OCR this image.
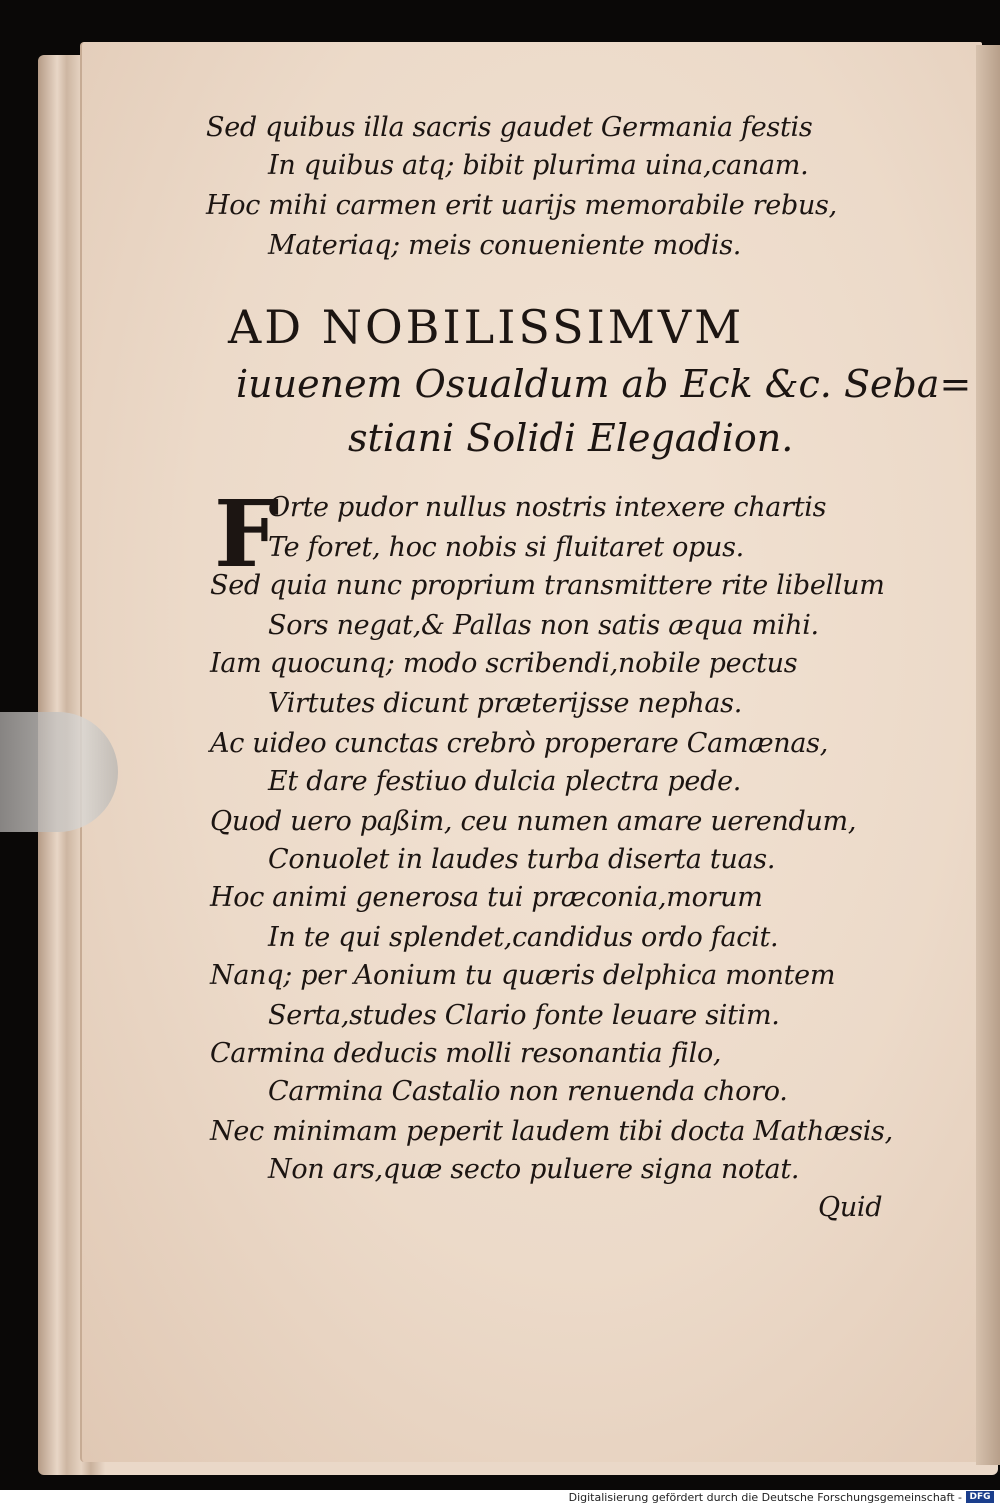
Sed quibus illa sacris gaudet Germania festis
In quibus atq; bibit plurima uina,canam.
Hoc mihi carmen erit uarijs memorabile rebus,
Materiaq; meis conueniente modis.
AD NOBILISSIMVM
iuuenem Osualdum ab Eck &c. Seba=
stiani Solidi Elegadion.
F
Orte pudor nullus nostris intexere chartis
Te foret, hoc nobis si fluitaret opus.
Sed quia nunc proprium transmittere rite libellum
Sors negat,& Pallas non satis æqua mihi.
Iam quocunq; modo scribendi,nobile pectus
Virtutes dicunt præterijsse nephas.
Ac uideo cunctas crebrò properare Camænas,
Et dare festiuo dulcia plectra pede.
Quod uero paßim, ceu numen amare uerendum,
Conuolet in laudes turba diserta tuas.
Hoc animi generosa tui præconia,morum
In te qui splendet,candidus ordo facit.
Nanq; per Aonium tu quæris delphica montem
Serta,studes Clario fonte leuare sitim.
Carmina deducis molli resonantia filo,
Carmina Castalio non renuenda choro.
Nec minimam peperit laudem tibi docta Mathæsis,
Non ars,quæ secto puluere signa notat.
Quid
Digitalisierung gefördert durch die Deutsche Forschungsgemeinschaft - DFG
